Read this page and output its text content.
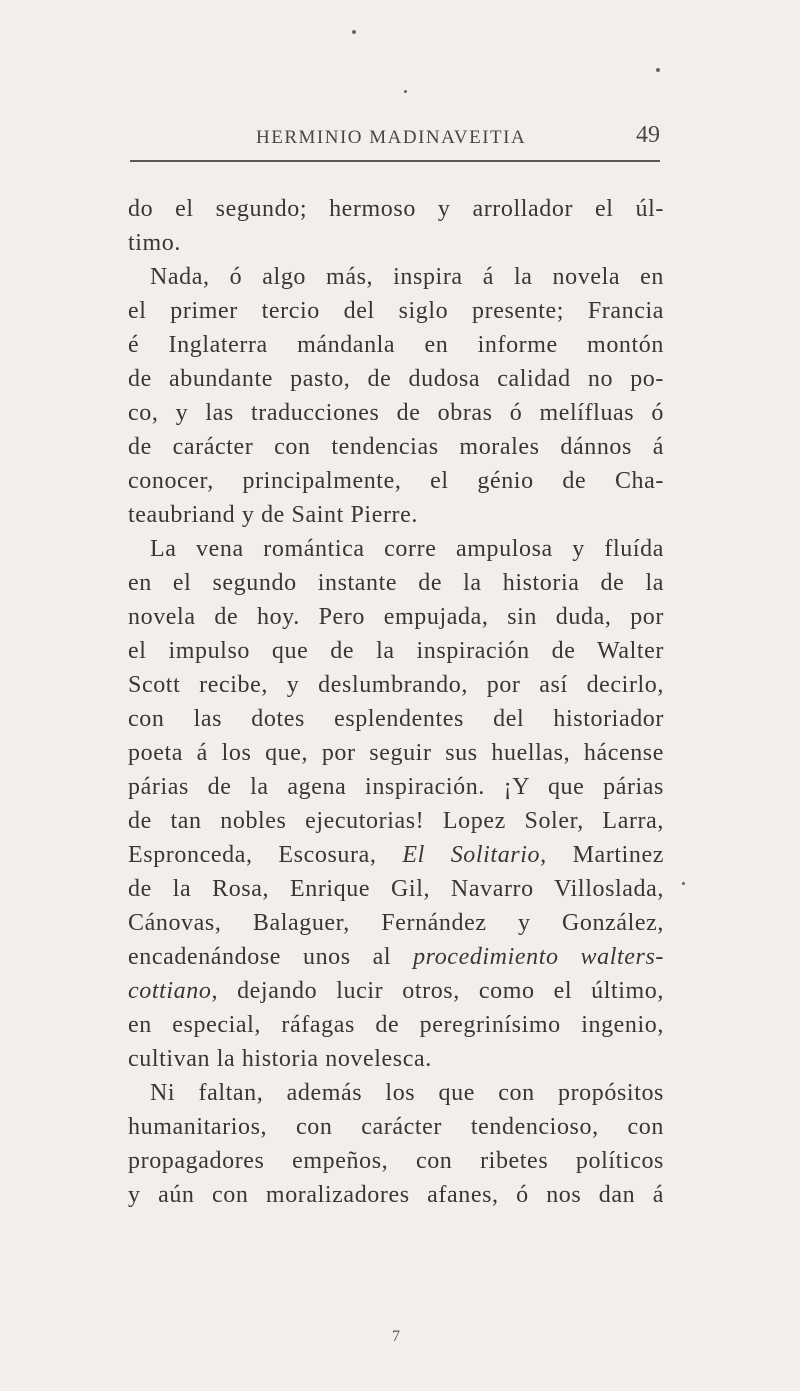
HERMINIO MADINAVEITIA	49
do el segundo; hermoso y arrollador el úl-
timo.
Nada, ó algo más, inspira á la novela en
el primer tercio del siglo presente; Francia
é Inglaterra mándanla en informe montón
de abundante pasto, de dudosa calidad no po-
co, y las traducciones de obras ó melífluas ó
de carácter con tendencias morales dánnos á
conocer, principalmente, el génio de Cha-
teaubriand y de Saint Pierre.
La vena romántica corre ampulosa y fluída
en el segundo instante de la historia de la
novela de hoy. Pero empujada, sin duda, por
el impulso que de la inspiración de Walter
Scott recibe, y deslumbrando, por así decirlo,
con las dotes esplendentes del historiador
poeta á los que, por seguir sus huellas, hácense
párias de la agena inspiración. ¡Y que párias
de tan nobles ejecutorias! Lopez Soler, Larra,
Espronceda, Escosura, El Solitario, Martinez
de la Rosa, Enrique Gil, Navarro Villoslada,
Cánovas, Balaguer, Fernández y González,
encadenándose unos al procedimiento walters-
cottiano, dejando lucir otros, como el último,
en especial, ráfagas de peregrinísimo ingenio,
cultivan la historia novelesca.
Ni faltan, además los que con propósitos
humanitarios, con carácter tendencioso, con
propagadores empeños, con ribetes políticos
y aún con moralizadores afanes, ó nos dan á
7
